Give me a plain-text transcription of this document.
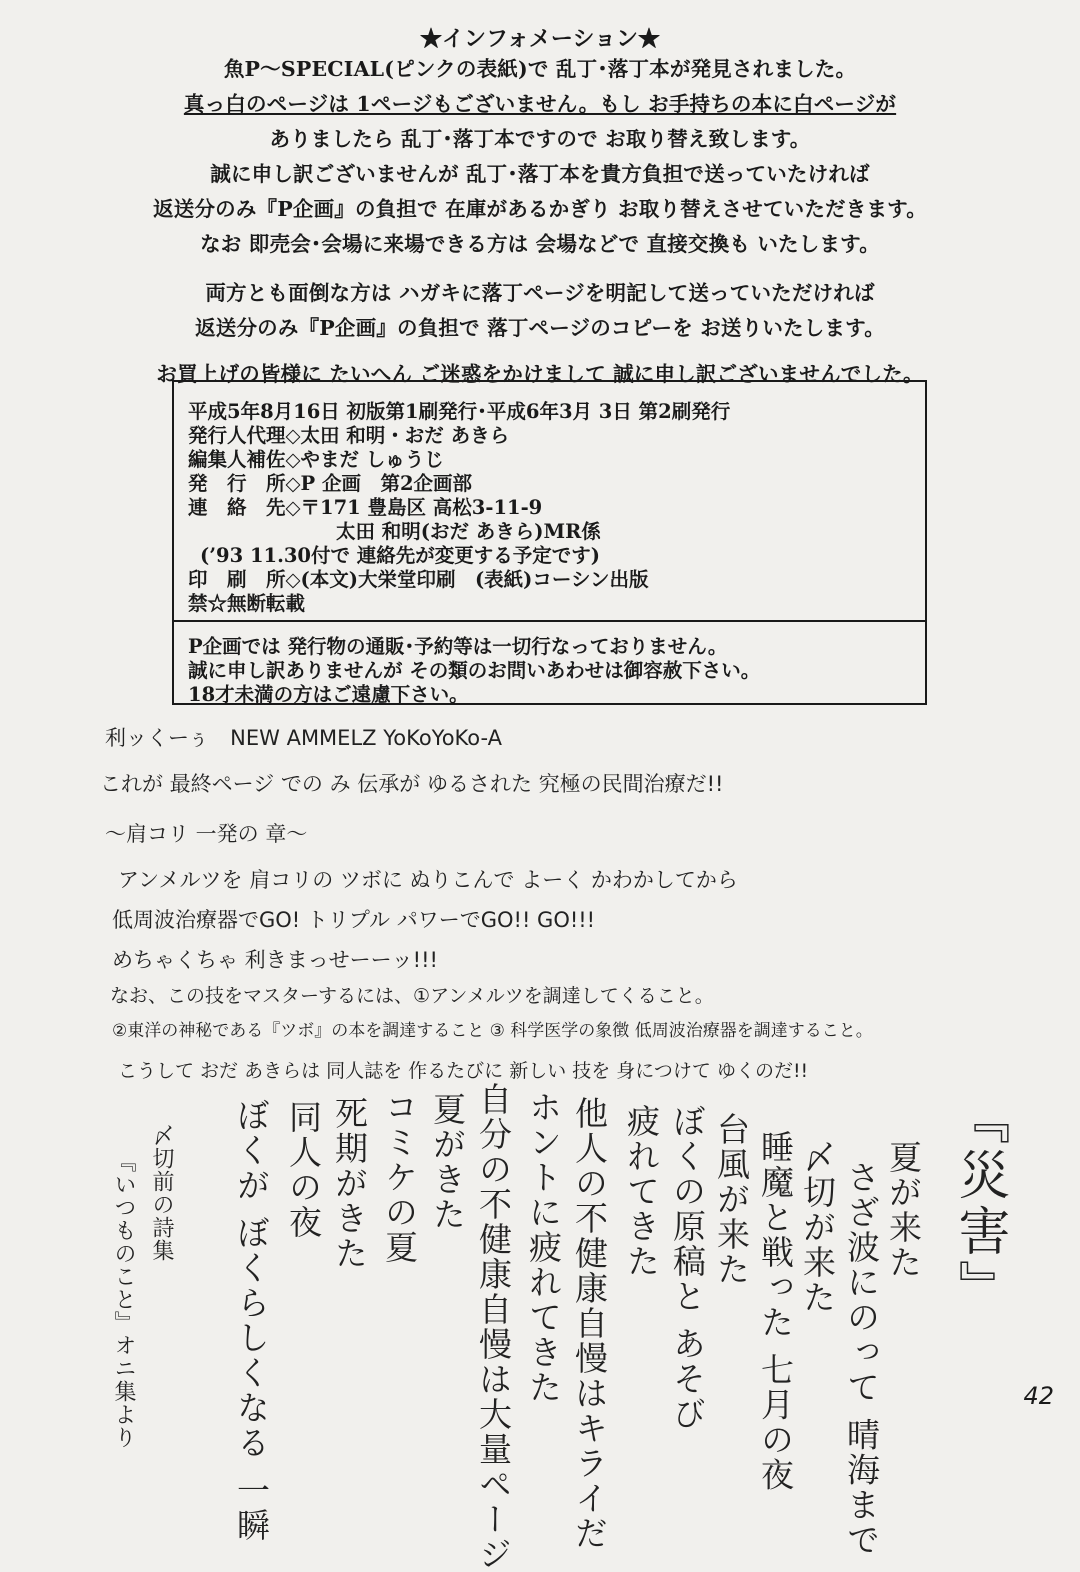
★インフォメーション★
魚P～SPECIAL(ピンクの表紙)で 乱丁･落丁本が発見されました。
真っ白のページは 1ページもございません。もし お手持ちの本に白ページが
ありましたら 乱丁･落丁本ですので お取り替え致します。
誠に申し訳ございませんが 乱丁･落丁本を貴方負担で送っていたければ
返送分のみ『P企画』の負担で 在庫があるかぎり お取り替えさせていただきます。
なお 即売会･会場に来場できる方は 会場などで 直接交換も いたします。
両方とも面倒な方は ハガキに落丁ページを明記して送っていただければ
返送分のみ『P企画』の負担で 落丁ページのコピーを お送りいたします。
お買上げの皆様に たいへん ご迷惑をかけまして 誠に申し訳ございませんでした。
平成5年8月16日 初版第1刷発行･平成6年3月 3日 第2刷発行
発行人代理◇太田 和明・おだ あきら
編集人補佐◇やまだ しゅうじ
発　行　所◇P 企画　第2企画部
連　絡　先◇〒171 豊島区 高松3-11-9
太田 和明(おだ あきら)MR係
(’93 11.30付で 連絡先が変更する予定です)
印　刷　所◇(本文)大栄堂印刷　(表紙)コーシン出版
禁☆無断転載
P企画では 発行物の通販･予約等は一切行なっておりません。
誠に申し訳ありませんが その類のお問いあわせは御容赦下さい。
18才未満の方はご遠慮下さい。
利ッくーぅ　NEW AMMELZ YoKoYoKo-A
これが 最終ページ での み 伝承が ゆるされた 究極の民間治療だ!!
～肩コリ 一発の 章～
アンメルツを 肩コリの ツボに ぬりこんで よーく かわかしてから
低周波治療器でGO! トリプル パワーでGO!! GO!!!
めちゃくちゃ 利きまっせーーッ!!!
なお、この技をマスターするには、①アンメルツを調達してくること。
②東洋の神秘である『ツボ』の本を調達すること ③ 科学医学の象徴 低周波治療器を調達すること。
こうして おだ あきらは 同人誌を 作るたびに 新しい 技を 身につけて ゆくのだ!!
『災害』
夏が来た
さざ波にのって 晴海まで
〆切が来た
睡魔と戦った 七月の夜
台風が来た
ぼくの原稿と あそび
疲れてきた
他人の不健康自慢はキライだ
ホントに疲れてきた
自分の不健康自慢は大量ページ
夏がきた
コミケの夏
死期がきた
同人の夜
ぼくが ぼくらしくなる 一瞬
〆切前の詩集
『いつものこと』オニ集より	42
